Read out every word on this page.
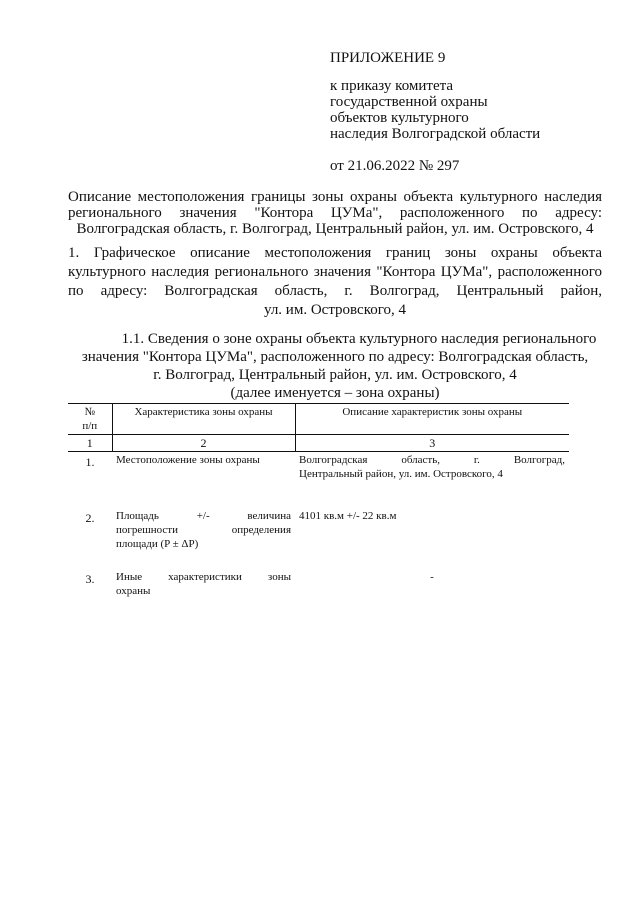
ПРИЛОЖЕНИЕ 9
к приказу комитета
государственной охраны
объектов культурного
наследия Волгоградской области
от 21.06.2022 № 297
Описание местоположения границы зоны охраны объекта культурного наследия
регионального значения "Контора ЦУМа", расположенного по адресу:
Волгоградская область, г. Волгоград, Центральный район, ул. им. Островского, 4
1. Графическое описание местоположения границ зоны охраны объекта
культурного наследия регионального значения "Контора ЦУМа", расположенного
по адресу: Волгоградская область, г. Волгоград, Центральный район,
ул. им. Островского, 4
1.1. Сведения о зоне охраны объекта культурного наследия регионального
значения "Контора ЦУМа", расположенного по адресу: Волгоградская область,
г. Волгоград, Центральный район, ул. им. Островского, 4
(далее именуется – зона охраны)
№
п/п	Характеристика зоны охраны	Описание характеристик зоны охраны
1	2	3
1.	Местоположение зоны охраны	Волгоградская область, г. Волгоград,
Центральный район, ул. им. Островского, 4

2.	Площадь +/- величина
погрешности определения
площади (P ± ΔP)	4101 кв.м +/- 22 кв.м
3.	Иные характеристики зоны
охраны	-
